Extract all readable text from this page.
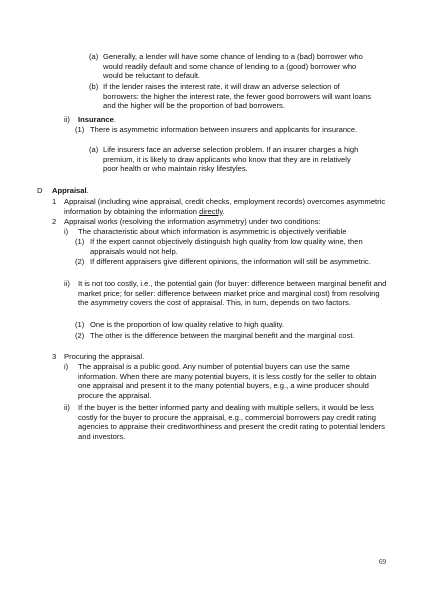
(a) Generally, a lender will have some chance of lending to a (bad) borrower who would readily default and some chance of lending to a (good) borrower who would be reluctant to default.
(b) If the lender raises the interest rate, it will draw an adverse selection of borrowers: the higher the interest rate, the fewer good borrowers will want loans and the higher will be the proportion of bad borrowers.
ii) Insurance.
(1) There is asymmetric information between insurers and applicants for insurance.
(a) Life insurers face an adverse selection problem. If an insurer charges a high premium, it is likely to draw applicants who know that they are in relatively poor health or who maintain risky lifestyles.
D Appraisal.
1 Appraisal (including wine appraisal, credit checks, employment records) overcomes asymmetric information by obtaining the information directly.
2 Appraisal works (resolving the information asymmetry) under two conditions:
i) The characteristic about which information is asymmetric is objectively verifiable
(1) If the expert cannot objectively distinguish high quality from low quality wine, then appraisals would not help.
(2) If different appraisers give different opinions, the information will still be asymmetric.
ii) It is not too costly, i.e., the potential gain (for buyer: difference between marginal benefit and market price; for seller: difference between market price and marginal cost) from resolving the asymmetry covers the cost of appraisal. This, in turn, depends on two factors.
(1) One is the proportion of low quality relative to high quality.
(2) The other is the difference between the marginal benefit and the marginal cost.
3 Procuring the appraisal.
i) The appraisal is a public good. Any number of potential buyers can use the same information. When there are many potential buyers, it is less costly for the seller to obtain one appraisal and present it to the many potential buyers, e.g., a wine producer should procure the appraisal.
ii) If the buyer is the better informed party and dealing with multiple sellers, it would be less costly for the buyer to procure the appraisal, e.g., commercial borrowers pay credit rating agencies to appraise their creditworthiness and present the credit rating to potential lenders and investors.
69
